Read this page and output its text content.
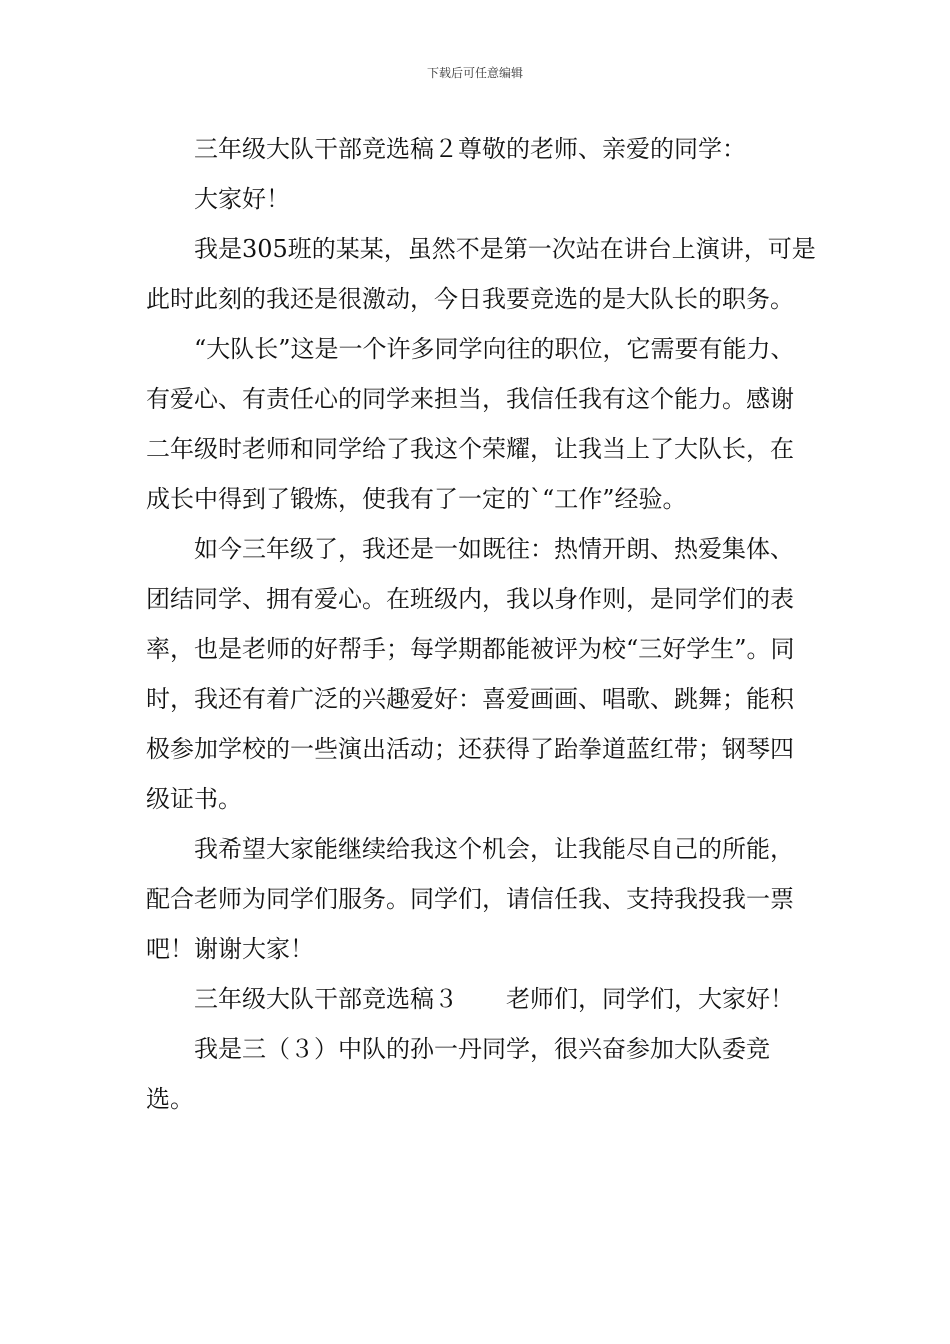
下载后可任意编辑

三年级大队干部竞选稿２尊敬的老师、亲爱的同学：

大家好！

我是305班的某某，虽然不是第一次站在讲台上演讲，可是此时此刻的我还是很激动，今日我要竞选的是大队长的职务。

“大队长”这是一个许多同学向往的职位，它需要有能力、有爱心、有责任心的同学来担当，我信任我有这个能力。感谢二年级时老师和同学给了我这个荣耀，让我当上了大队长，在成长中得到了锻炼，使我有了一定的`“工作”经验。

如今三年级了，我还是一如既往：热情开朗、热爱集体、团结同学、拥有爱心。在班级内，我以身作则，是同学们的表率，也是老师的好帮手；每学期都能被评为校“三好学生”。同时，我还有着广泛的兴趣爱好：喜爱画画、唱歌、跳舞；能积极参加学校的一些演出活动；还获得了跆拳道蓝红带；钢琴四级证书。

我希望大家能继续给我这个机会，让我能尽自己的所能，配合老师为同学们服务。同学们，请信任我、支持我投我一票吧！谢谢大家！

三年级大队干部竞选稿３　　老师们，同学们，大家好！

我是三（３）中队的孙一丹同学，很兴奋参加大队委竞选。
